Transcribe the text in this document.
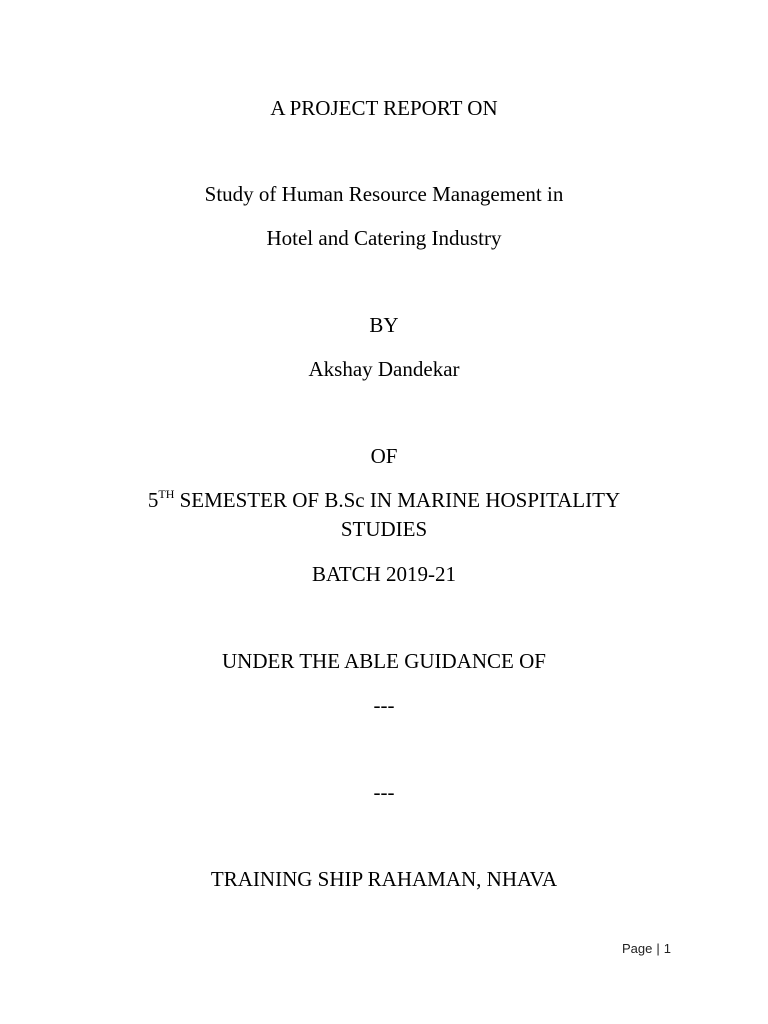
A PROJECT REPORT ON
Study of Human Resource Management in
Hotel and Catering Industry
BY
Akshay Dandekar
OF
5TH SEMESTER OF B.Sc IN MARINE HOSPITALITY
STUDIES
BATCH 2019-21
UNDER THE ABLE GUIDANCE OF
---
---
TRAINING SHIP RAHAMAN, NHAVA
Page | 1
